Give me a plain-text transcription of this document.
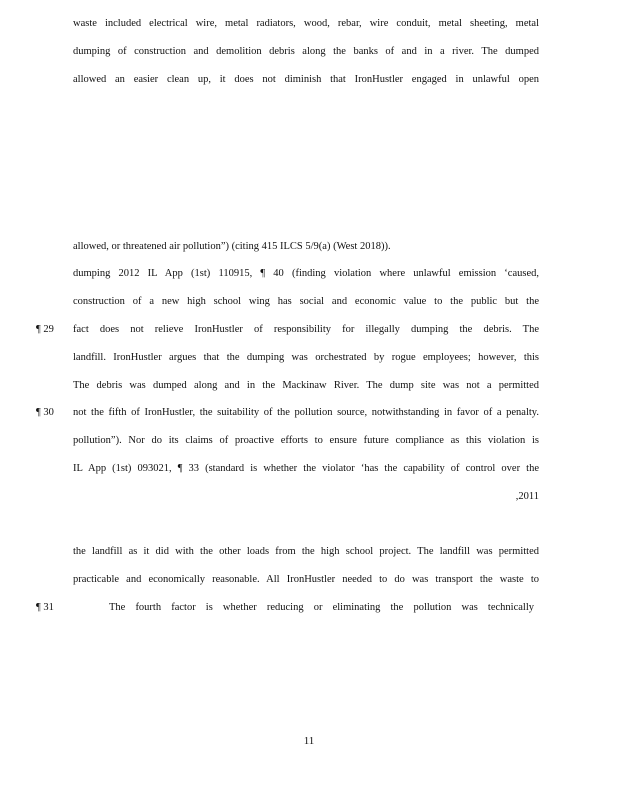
waste included electrical wire, metal radiators, wood, rebar, wire conduit, metal sheeting, metal
dumping of construction and demolition debris along the banks of and in a river. The dumped
allowed an easier clean up, it does not diminish that IronHustler engaged in unlawful open
allowed, or threatened air pollution”) (citing 415 ILCS 5/9(a) (West 2018)).
dumping 2012 IL App (1st) 110915, ¶ 40 (finding violation where unlawful emission ‘caused,
construction of a new high school wing has social and economic value to the public but the
¶ 29	fact does not relieve IronHustler of responsibility for illegally dumping the debris. The
landfill. IronHustler argues that the dumping was orchestrated by rogue employees; however, this
The debris was dumped along and in the Mackinaw River. The dump site was not a permitted
¶ 30	not the fifth of IronHustler, the suitability of the pollution source, notwithstanding in favor of a penalty.
pollution”). Nor do its claims of proactive efforts to ensure future compliance as this violation is
IL App (1st) 093021, ¶ 33 (standard is whether the violator ‘has the capability of control over the
,2011
the landfill as it did with the other loads from the high school project. The landfill was permitted
practicable and economically reasonable. All IronHustler needed to do was transport the waste to
¶ 31	The fourth factor is whether reducing or eliminating the pollution was technically
11
